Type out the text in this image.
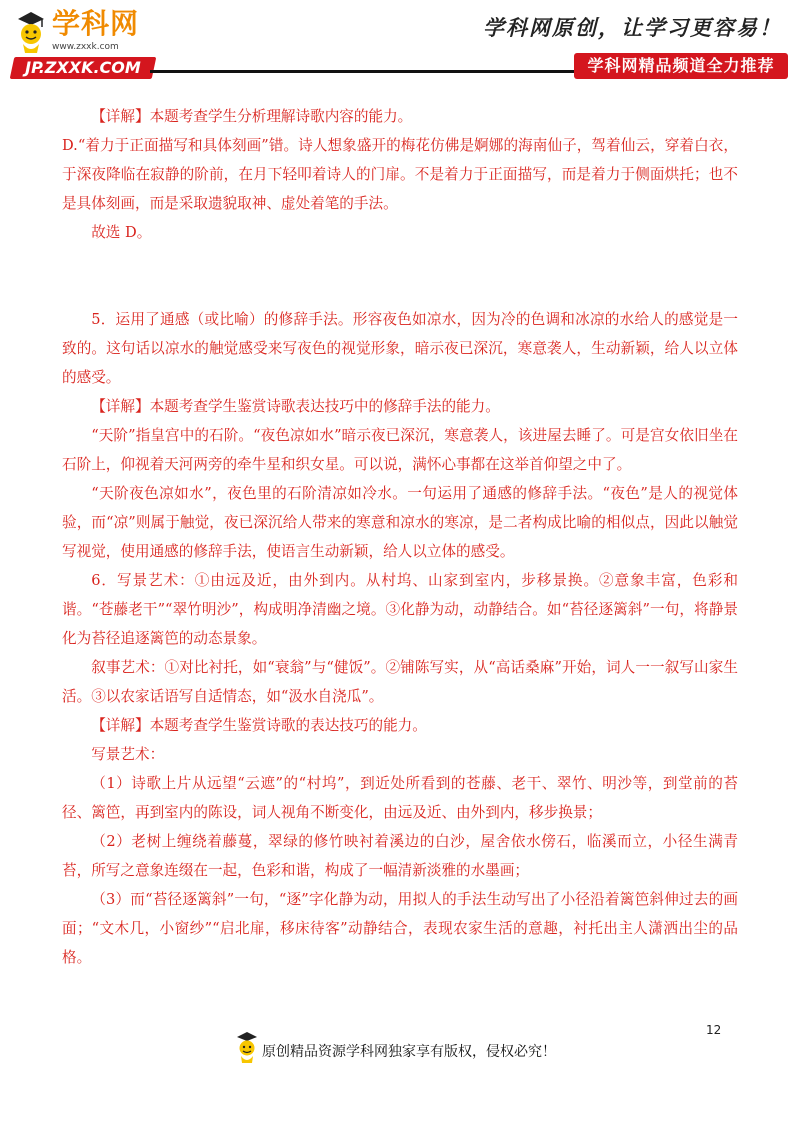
学科网
www.zxxk.com
JP.ZXXK.COM
学科网原创，让学习更容易！
学科网精品频道全力推荐

【详解】本题考查学生分析理解诗歌内容的能力。

D.“着力于正面描写和具体刻画”错。诗人想象盛开的梅花仿佛是婀娜的海南仙子，驾着仙云，穿着白衣，于深夜降临在寂静的阶前，在月下轻叩着诗人的门扉。不是着力于正面描写，而是着力于侧面烘托；也不是具体刻画，而是采取遗貌取神、虚处着笔的手法。

故选 D。

5．运用了通感（或比喻）的修辞手法。形容夜色如凉水，因为冷的色调和冰凉的水给人的感觉是一致的。这句话以凉水的触觉感受来写夜色的视觉形象，暗示夜已深沉，寒意袭人，生动新颖，给人以立体的感受。

【详解】本题考查学生鉴赏诗歌表达技巧中的修辞手法的能力。

“天阶”指皇宫中的石阶。“夜色凉如水”暗示夜已深沉，寒意袭人，该进屋去睡了。可是宫女依旧坐在石阶上，仰视着天河两旁的牵牛星和织女星。可以说，满怀心事都在这举首仰望之中了。

“天阶夜色凉如水”，夜色里的石阶清凉如冷水。一句运用了通感的修辞手法。“夜色”是人的视觉体验，而“凉”则属于触觉，夜已深沉给人带来的寒意和凉水的寒凉，是二者构成比喻的相似点，因此以触觉写视觉，使用通感的修辞手法，使语言生动新颖，给人以立体的感受。

6．写景艺术：①由远及近，由外到内。从村坞、山家到室内，步移景换。②意象丰富，色彩和谐。“苍藤老干”“翠竹明沙”，构成明净清幽之境。③化静为动，动静结合。如“苔径逐篱斜”一句，将静景化为苔径追逐篱笆的动态景象。

叙事艺术：①对比衬托，如“衰翁”与“健饭”。②铺陈写实，从“高话桑麻”开始，词人一一叙写山家生活。③以农家话语写自适情态，如“汲水自浇瓜”。

【详解】本题考查学生鉴赏诗歌的表达技巧的能力。

写景艺术：

（1）诗歌上片从远望“云遮”的“村坞”，到近处所看到的苍藤、老干、翠竹、明沙等，到堂前的苔径、篱笆，再到室内的陈设，词人视角不断变化，由远及近、由外到内，移步换景；

（2）老树上缠绕着藤蔓，翠绿的修竹映衬着溪边的白沙，屋舍依水傍石，临溪而立，小径生满青苔，所写之意象连缀在一起，色彩和谐，构成了一幅清新淡雅的水墨画；

（3）而“苔径逐篱斜”一句，“逐”字化静为动，用拟人的手法生动写出了小径沿着篱笆斜伸过去的画面；“文木几，小窗纱”“启北扉，移床待客”动静结合，表现农家生活的意趣，衬托出主人潇洒出尘的品格。

12
原创精品资源学科网独家享有版权，侵权必究！
